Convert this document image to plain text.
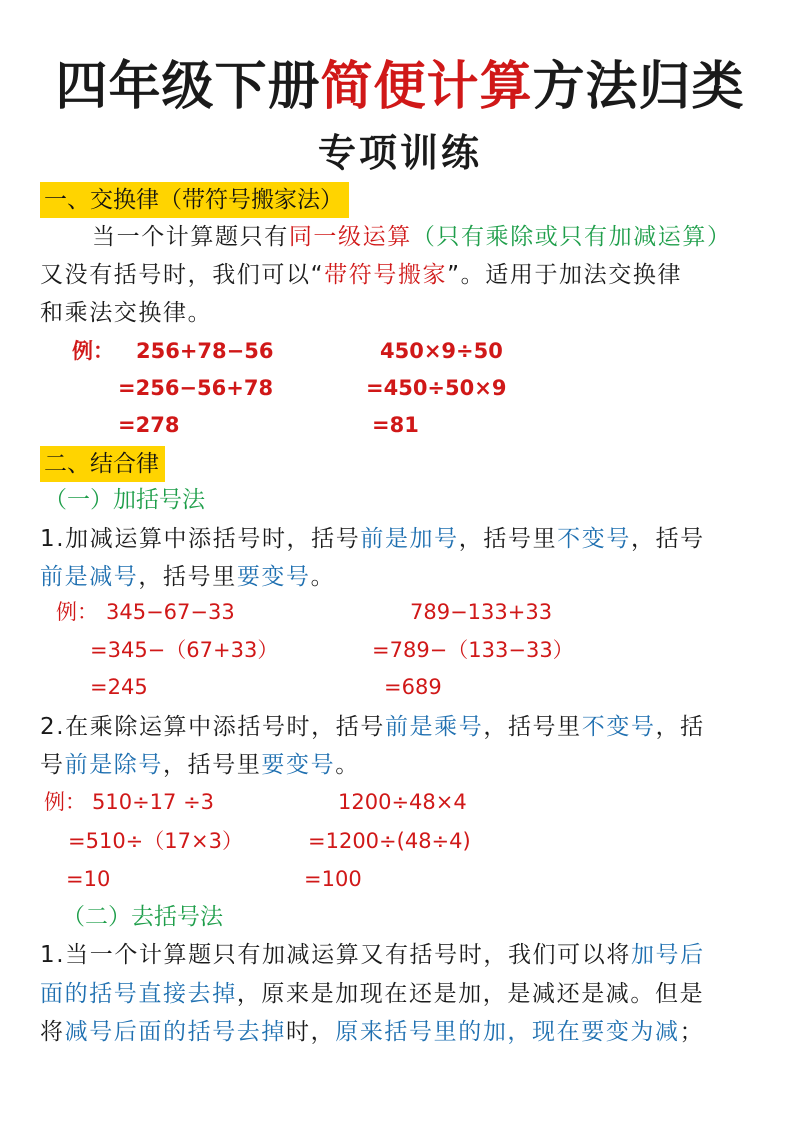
四年级下册简便计算方法归类
专项训练
一、交换律（带符号搬家法）
当一个计算题只有同一级运算（只有乘除或只有加减运算）
又没有括号时，我们可以“带符号搬家”。适用于加法交换律
和乘法交换律。
例： 256+78−56
=256−56+78
=278
450×9÷50
=450÷50×9
=81
二、结合律
（一）加括号法
1.加减运算中添括号时，括号前是加号，括号里不变号，括号
前是减号，括号里要变号。
例： 345−67−33
=345−（67+33）
=245
789−133+33
=789−（133−33）
=689
2.在乘除运算中添括号时，括号前是乘号，括号里不变号，括
号前是除号，括号里要变号。
例： 510÷17 ÷3
=510÷（17×3）
=10
1200÷48×4
=1200÷(48÷4)
=100
（二）去括号法
1.当一个计算题只有加减运算又有括号时，我们可以将加号后
面的括号直接去掉，原来是加现在还是加，是减还是减。但是
将减号后面的括号去掉时，原来括号里的加，现在要变为减；
